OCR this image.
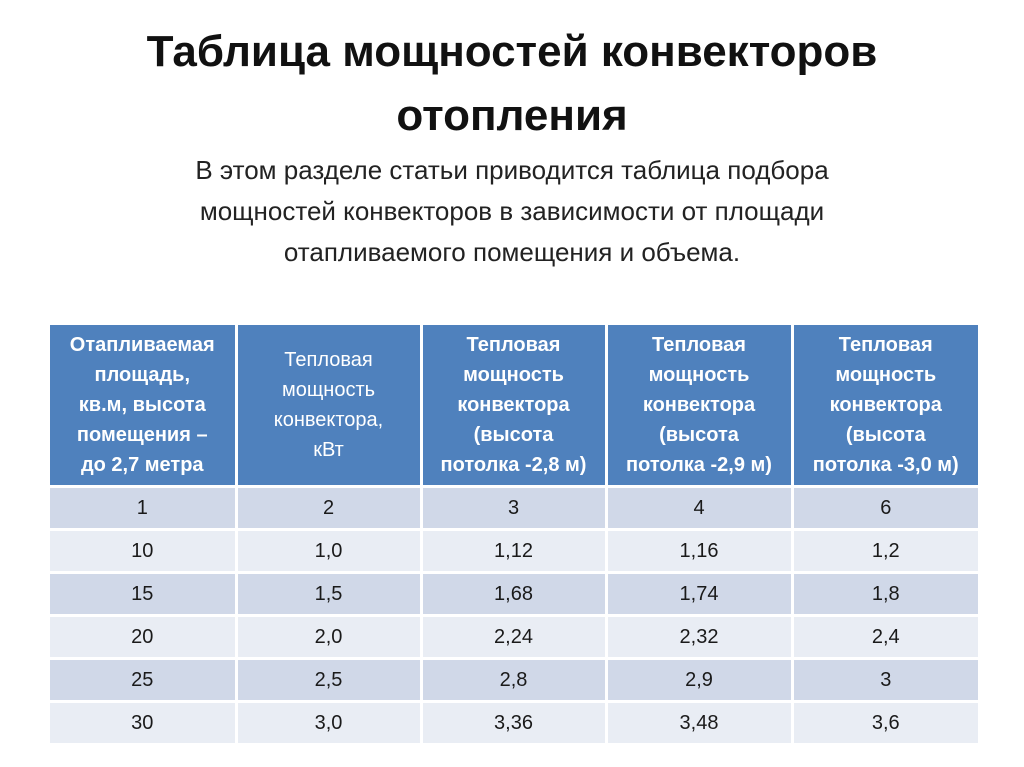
Таблица мощностей конвекторов
отопления

В этом разделе статьи приводится таблица подбора
мощностей конвекторов в зависимости от площади
отапливаемого помещения и объема.

Отапливаемая
площадь,
кв.м, высота
помещения –
до 2,7 метра	Тепловая
мощность
конвектора,
кВт	Тепловая
мощность
конвектора
(высота
потолка -2,8 м)	Тепловая
мощность
конвектора
(высота
потолка -2,9 м)	Тепловая
мощность
конвектора
(высота
потолка -3,0 м)
1	2	3	4	6
10	1,0	1,12	1,16	1,2
15	1,5	1,68	1,74	1,8
20	2,0	2,24	2,32	2,4
25	2,5	2,8	2,9	3
30	3,0	3,36	3,48	3,6
